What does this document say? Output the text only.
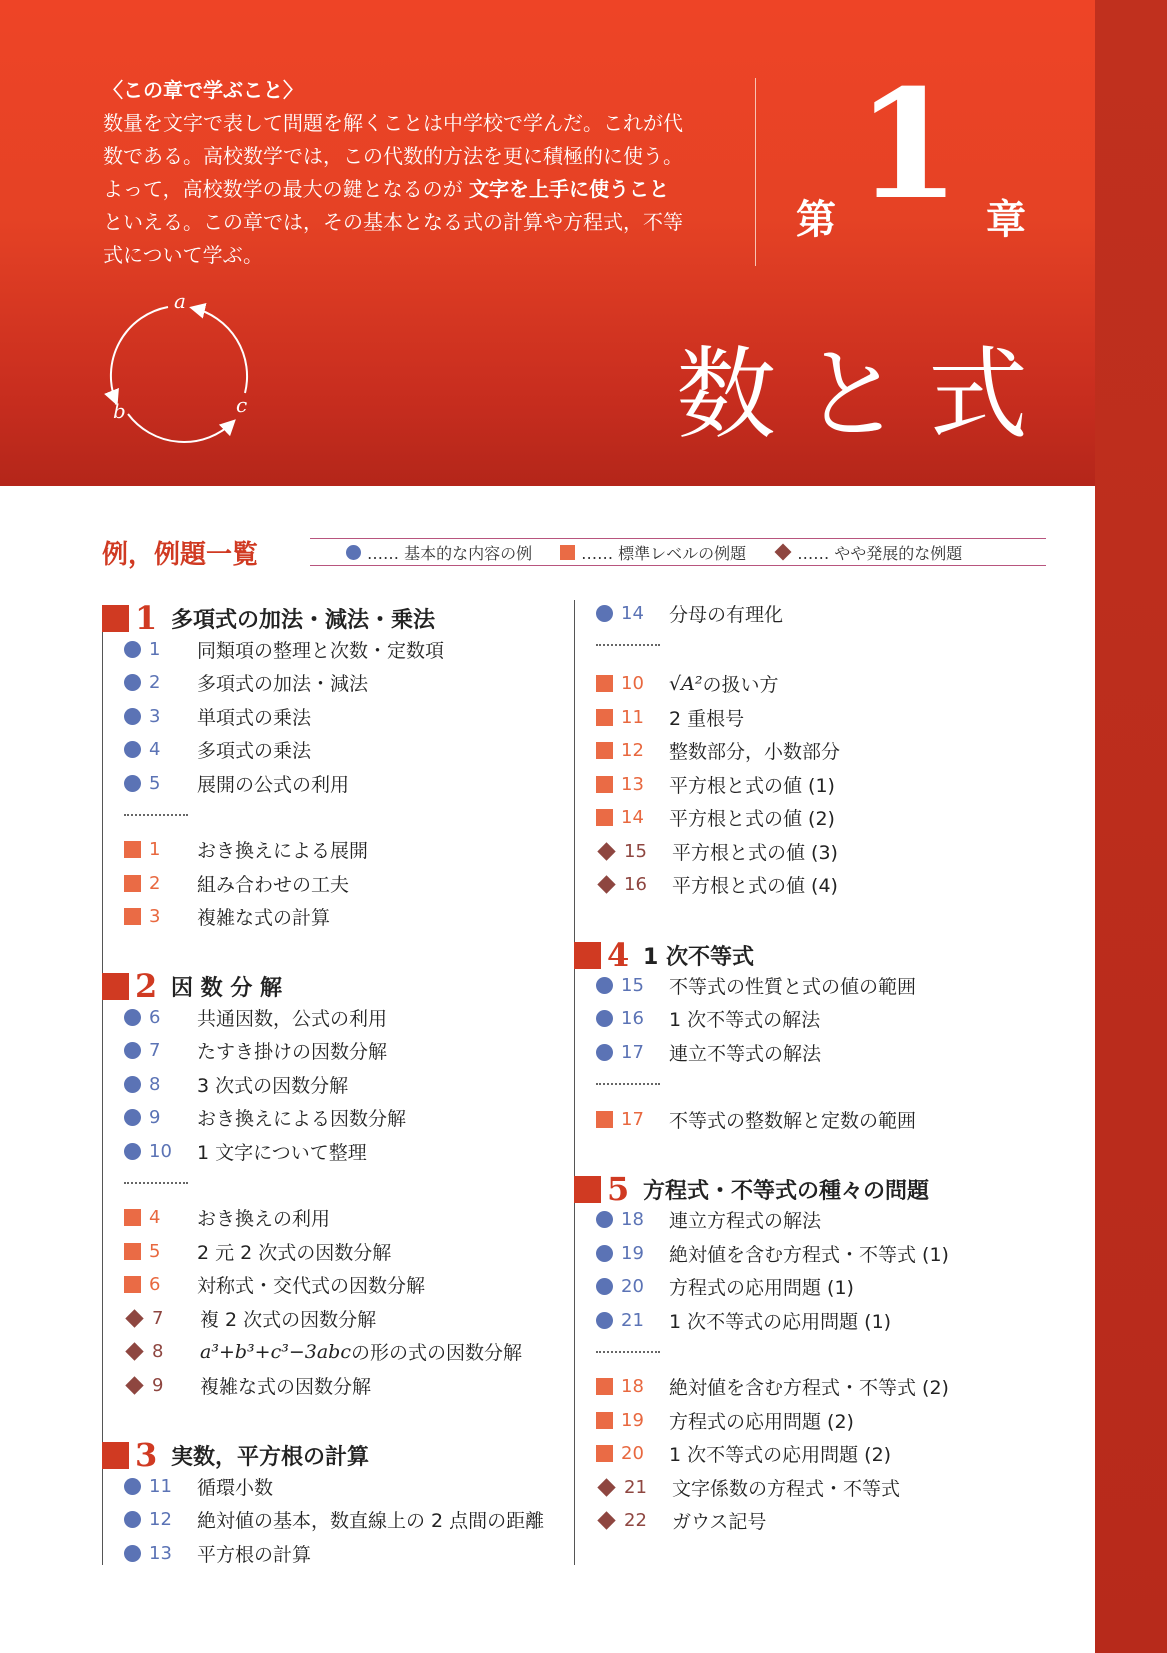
〈この章で学ぶこと〉

数量を文字で表して問題を解くことは中学校で学んだ。これが代

数である。高校数学では，この代数的方法を更に積極的に使う。

よって，高校数学の最大の鍵となるのが 文字を上手に使うこと

といえる。この章では，その基本となる式の計算や方程式，不等

式について学ぶ。

第 1 章
数と式
a
b	c
例，例題一覧	…… 基本的な内容の例	…… 標準レベルの例題	…… やや発展的な例題
1 多項式の加法・減法・乗法
1	同類項の整理と次数・定数項
2	多項式の加法・減法
3	単項式の乗法
4	多項式の乗法
5	展開の公式の利用
1	おき換えによる展開
2	組み合わせの工夫
3	複雑な式の計算
2 因 数 分 解
6	共通因数，公式の利用
7	たすき掛けの因数分解
8	3 次式の因数分解
9	おき換えによる因数分解
10	1 文字について整理
4	おき換えの利用
5	2 元 2 次式の因数分解
6	対称式・交代式の因数分解
7	複 2 次式の因数分解
8	a³+b³+c³−3abc の形の式の因数分解
9	複雑な式の因数分解
3 実数，平方根の計算
11	循環小数
12	絶対値の基本，数直線上の 2 点間の距離
13	平方根の計算
14	分母の有理化
10	√A² の扱い方
11	2 重根号
12	整数部分，小数部分
13	平方根と式の値 (1)
14	平方根と式の値 (2)
15	平方根と式の値 (3)
16	平方根と式の値 (4)
4 1 次不等式
15	不等式の性質と式の値の範囲
16	1 次不等式の解法
17	連立不等式の解法
17	不等式の整数解と定数の範囲
5 方程式・不等式の種々の問題
18	連立方程式の解法
19	絶対値を含む方程式・不等式 (1)
20	方程式の応用問題 (1)
21	1 次不等式の応用問題 (1)
18	絶対値を含む方程式・不等式 (2)
19	方程式の応用問題 (2)
20	1 次不等式の応用問題 (2)
21	文字係数の方程式・不等式
22	ガウス記号
